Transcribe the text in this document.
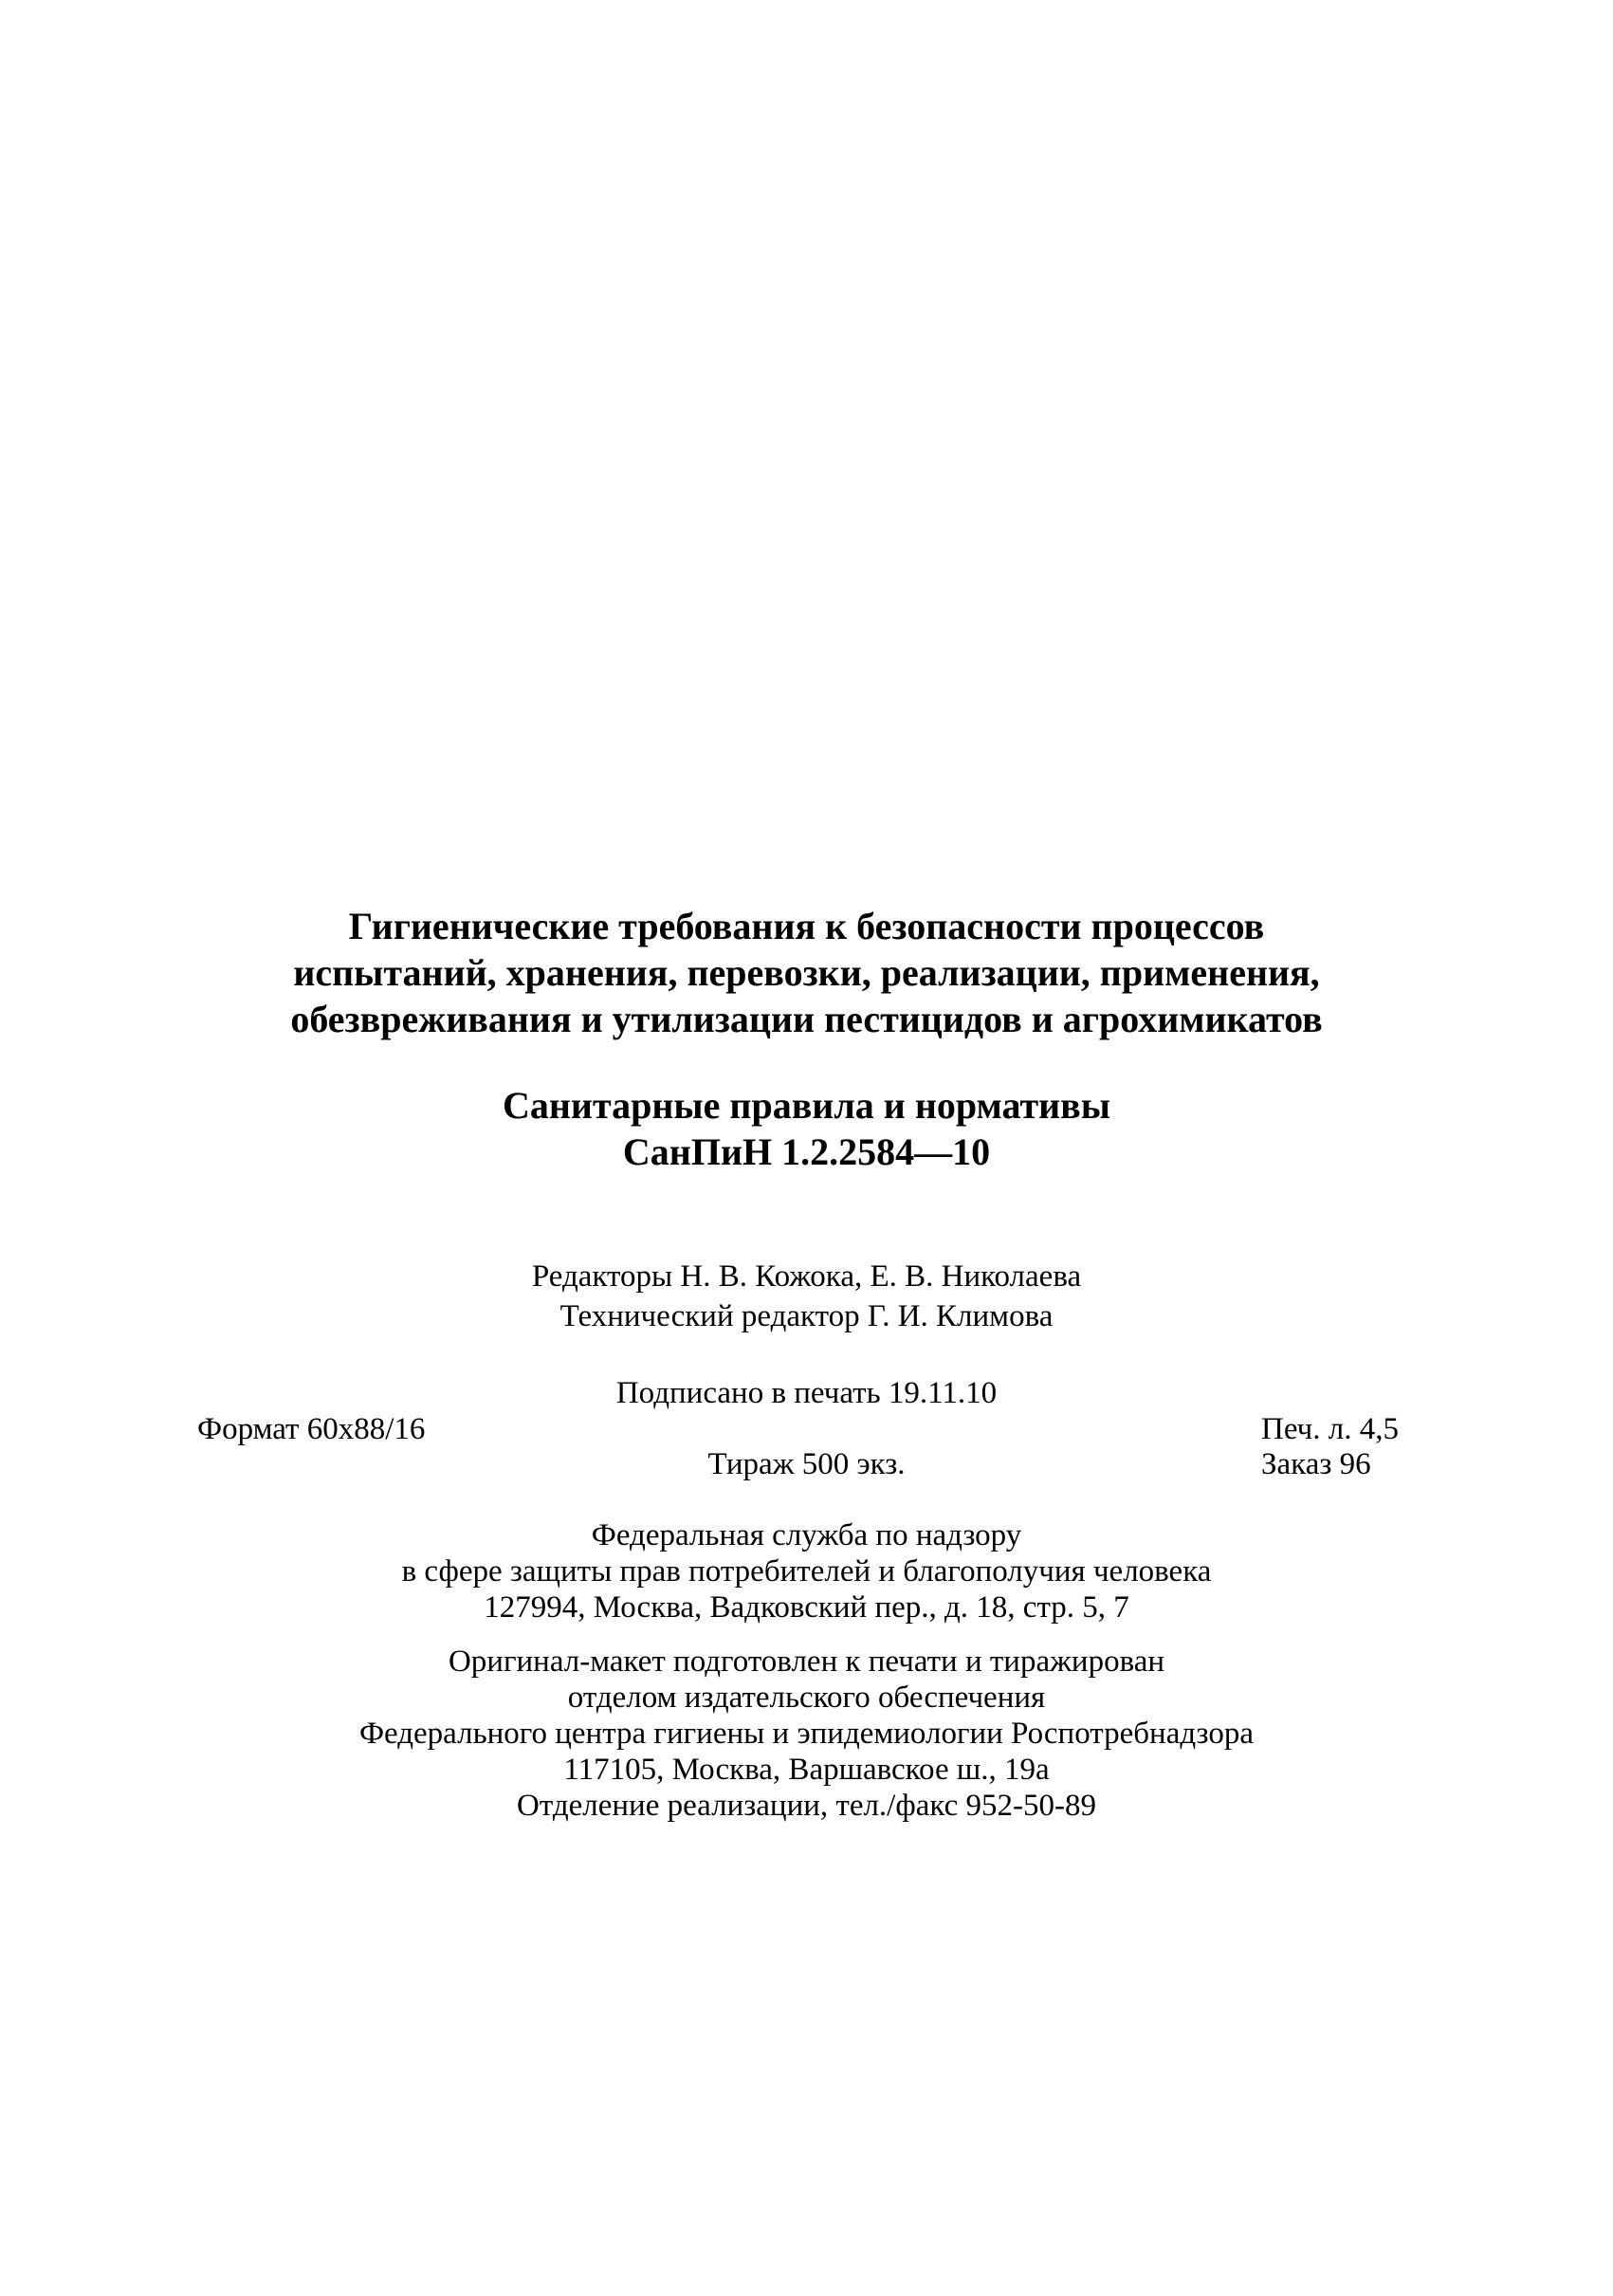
Гигиенические требования к безопасности процессов
испытаний, хранения, перевозки, реализации, применения,
обезвреживания и утилизации пестицидов и агрохимикатов
Санитарные правила и нормативы
СанПиН 1.2.2584—10
Редакторы Н. В. Кожока, Е. В. Николаева
Технический редактор Г. И. Климова
Подписано в печать 19.11.10
Формат 60х88/16	Печ. л. 4,5
Тираж 500 экз.	Заказ 96
Федеральная служба по надзору
в сфере защиты прав потребителей и благополучия человека
127994, Москва, Вадковский пер., д. 18, стр. 5, 7
Оригинал-макет подготовлен к печати и тиражирован
отделом издательского обеспечения
Федерального центра гигиены и эпидемиологии Роспотребнадзора
117105, Москва, Варшавское ш., 19а
Отделение реализации, тел./факс 952-50-89
